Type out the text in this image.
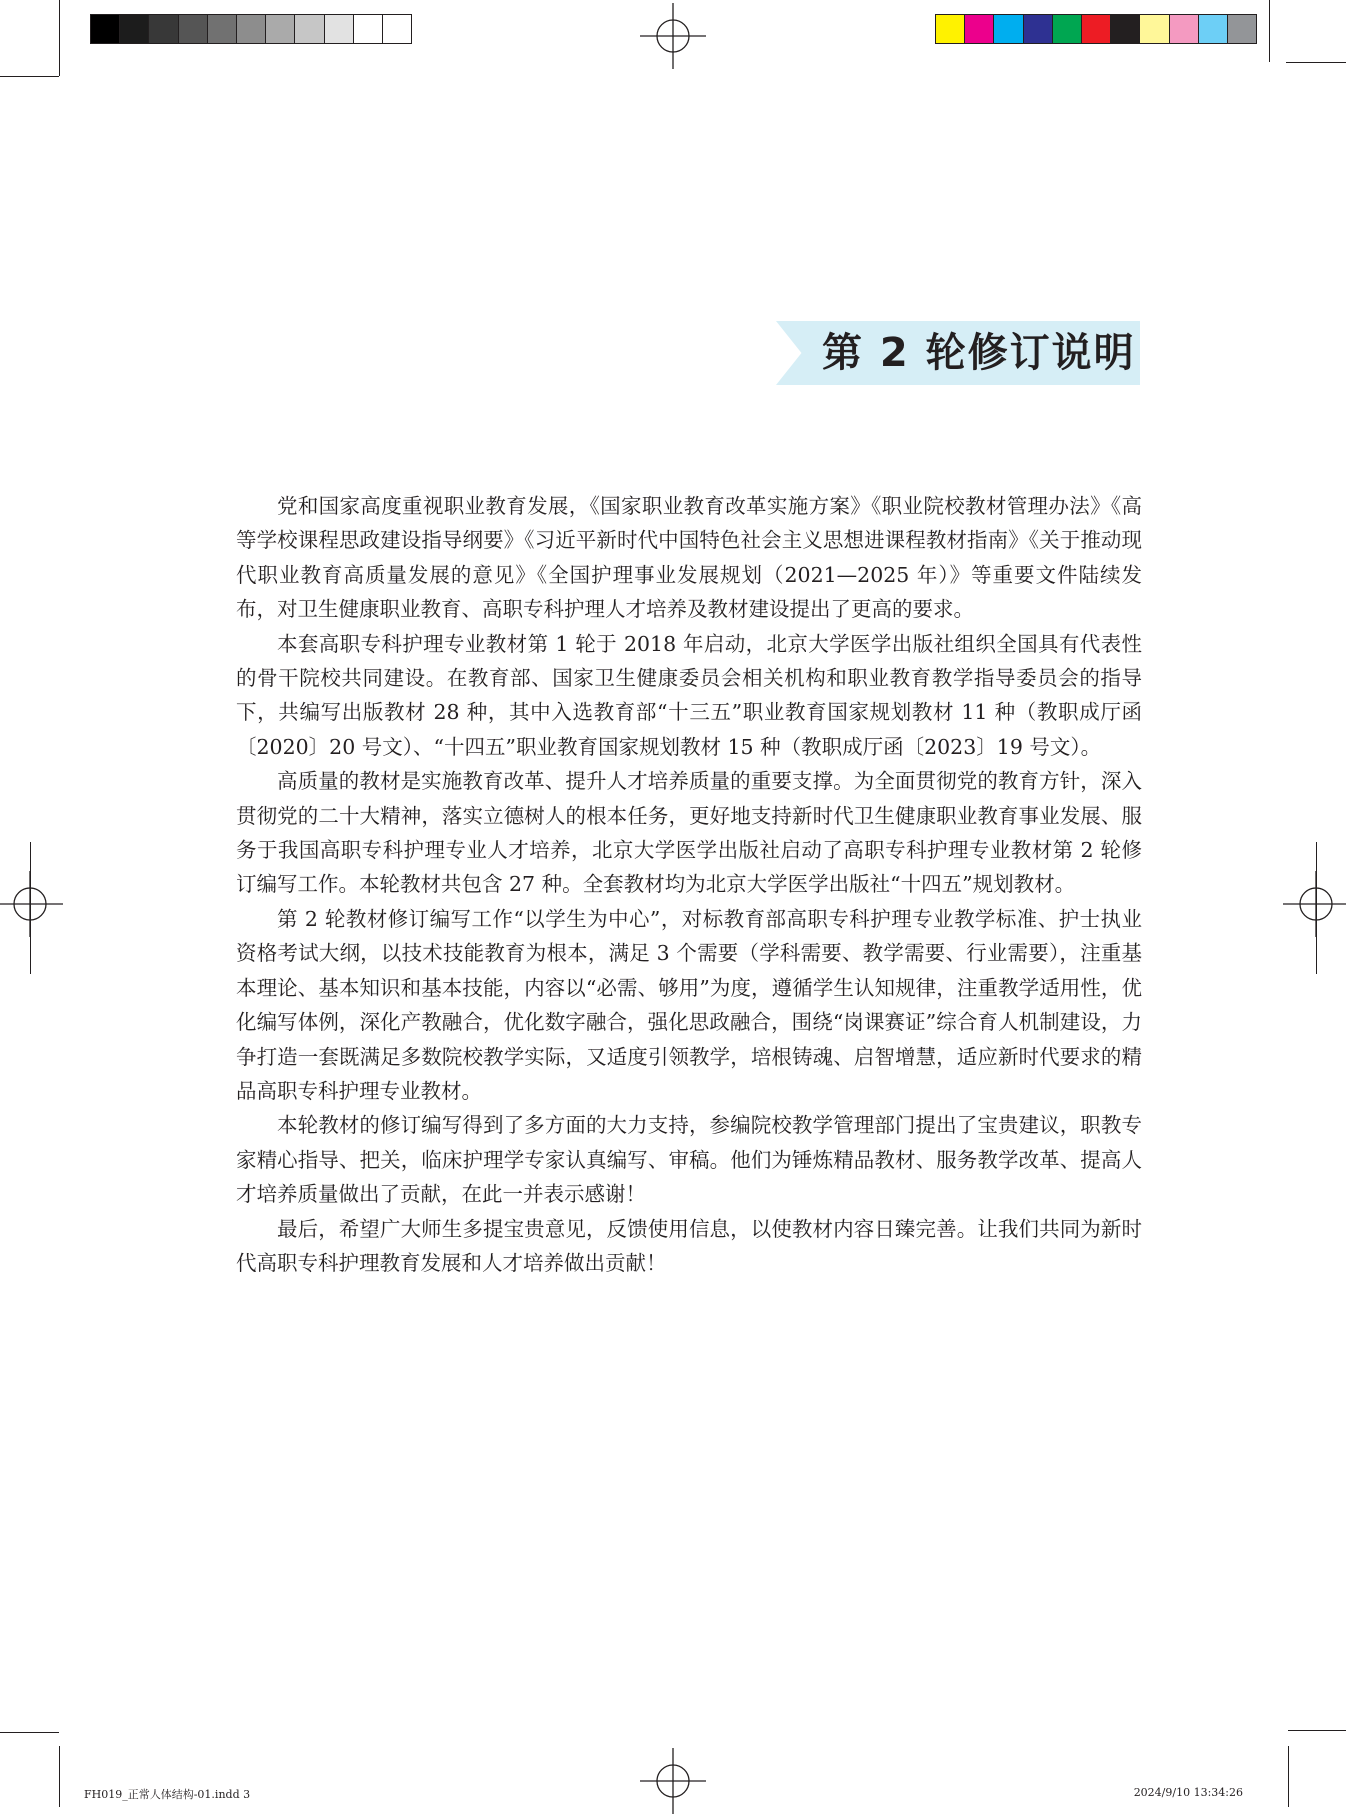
第 2 轮修订说明

党和国家高度重视职业教育发展，《国家职业教育改革实施方案》《职业院校教材管理办法》《高等学校课程思政建设指导纲要》《习近平新时代中国特色社会主义思想进课程教材指南》《关于推动现代职业教育高质量发展的意见》《全国护理事业发展规划（2021—2025 年）》等重要文件陆续发布，对卫生健康职业教育、高职专科护理人才培养及教材建设提出了更高的要求。

本套高职专科护理专业教材第 1 轮于 2018 年启动，北京大学医学出版社组织全国具有代表性的骨干院校共同建设。在教育部、国家卫生健康委员会相关机构和职业教育教学指导委员会的指导下，共编写出版教材 28 种，其中入选教育部“十三五”职业教育国家规划教材 11 种（教职成厅函〔2020〕20 号文）、“十四五”职业教育国家规划教材 15 种（教职成厅函〔2023〕19 号文）。

高质量的教材是实施教育改革、提升人才培养质量的重要支撑。为全面贯彻党的教育方针，深入贯彻党的二十大精神，落实立德树人的根本任务，更好地支持新时代卫生健康职业教育事业发展、服务于我国高职专科护理专业人才培养，北京大学医学出版社启动了高职专科护理专业教材第 2 轮修订编写工作。本轮教材共包含 27 种。全套教材均为北京大学医学出版社“十四五”规划教材。

第 2 轮教材修订编写工作“以学生为中心”，对标教育部高职专科护理专业教学标准、护士执业资格考试大纲，以技术技能教育为根本，满足 3 个需要（学科需要、教学需要、行业需要），注重基本理论、基本知识和基本技能，内容以“必需、够用”为度，遵循学生认知规律，注重教学适用性，优化编写体例，深化产教融合，优化数字融合，强化思政融合，围绕“岗课赛证”综合育人机制建设，力争打造一套既满足多数院校教学实际，又适度引领教学，培根铸魂、启智增慧，适应新时代要求的精品高职专科护理专业教材。

本轮教材的修订编写得到了多方面的大力支持，参编院校教学管理部门提出了宝贵建议，职教专家精心指导、把关，临床护理学专家认真编写、审稿。他们为锤炼精品教材、服务教学改革、提高人才培养质量做出了贡献，在此一并表示感谢！

最后，希望广大师生多提宝贵意见，反馈使用信息，以使教材内容日臻完善。让我们共同为新时代高职专科护理教育发展和人才培养做出贡献！

FH019_正常人体结构-01.indd 3	2024/9/10 13:34:26
